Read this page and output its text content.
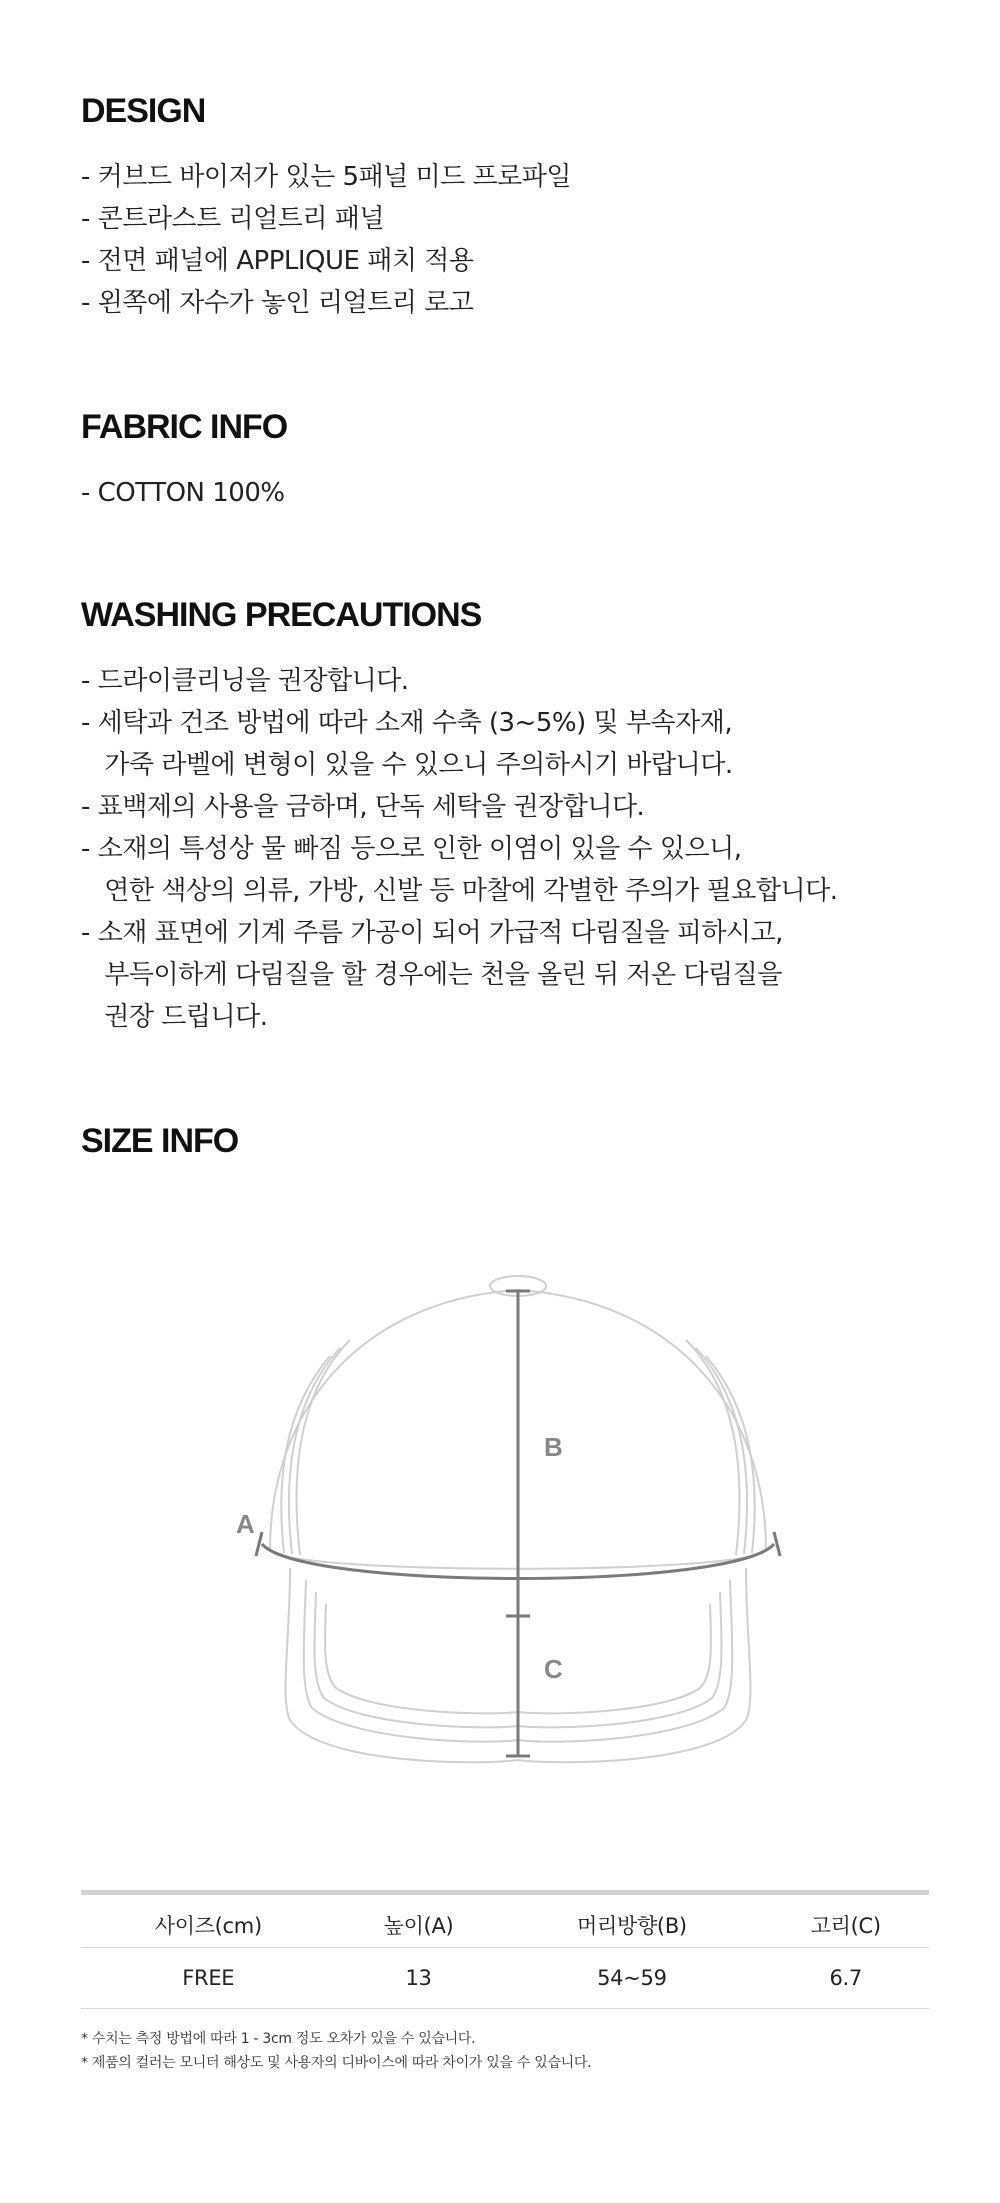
DESIGN
- 커브드 바이저가 있는 5패널 미드 프로파일
- 콘트라스트 리얼트리 패널
- 전면 패널에 APPLIQUE 패치 적용
- 왼쪽에 자수가 놓인 리얼트리 로고
FABRIC INFO
- COTTON 100%
WASHING PRECAUTIONS
- 드라이클리닝을 권장합니다.
- 세탁과 건조 방법에 따라 소재 수축 (3~5%) 및 부속자재,
가죽 라벨에 변형이 있을 수 있으니 주의하시기 바랍니다.
- 표백제의 사용을 금하며, 단독 세탁을 권장합니다.
- 소재의 특성상 물 빠짐 등으로 인한 이염이 있을 수 있으니,
연한 색상의 의류, 가방, 신발 등 마찰에 각별한 주의가 필요합니다.
- 소재 표면에 기계 주름 가공이 되어 가급적 다림질을 피하시고,
부득이하게 다림질을 할 경우에는 천을 올린 뒤 저온 다림질을
권장 드립니다.
SIZE INFO
A
B
C
사이즈(cm)	높이(A)	머리방향(B)	고리(C)
FREE	13	54~59	6.7
* 수치는 측정 방법에 따라 1 - 3cm 정도 오차가 있을 수 있습니다.
* 제품의 컬러는 모니터 해상도 및 사용자의 디바이스에 따라 차이가 있을 수 있습니다.
